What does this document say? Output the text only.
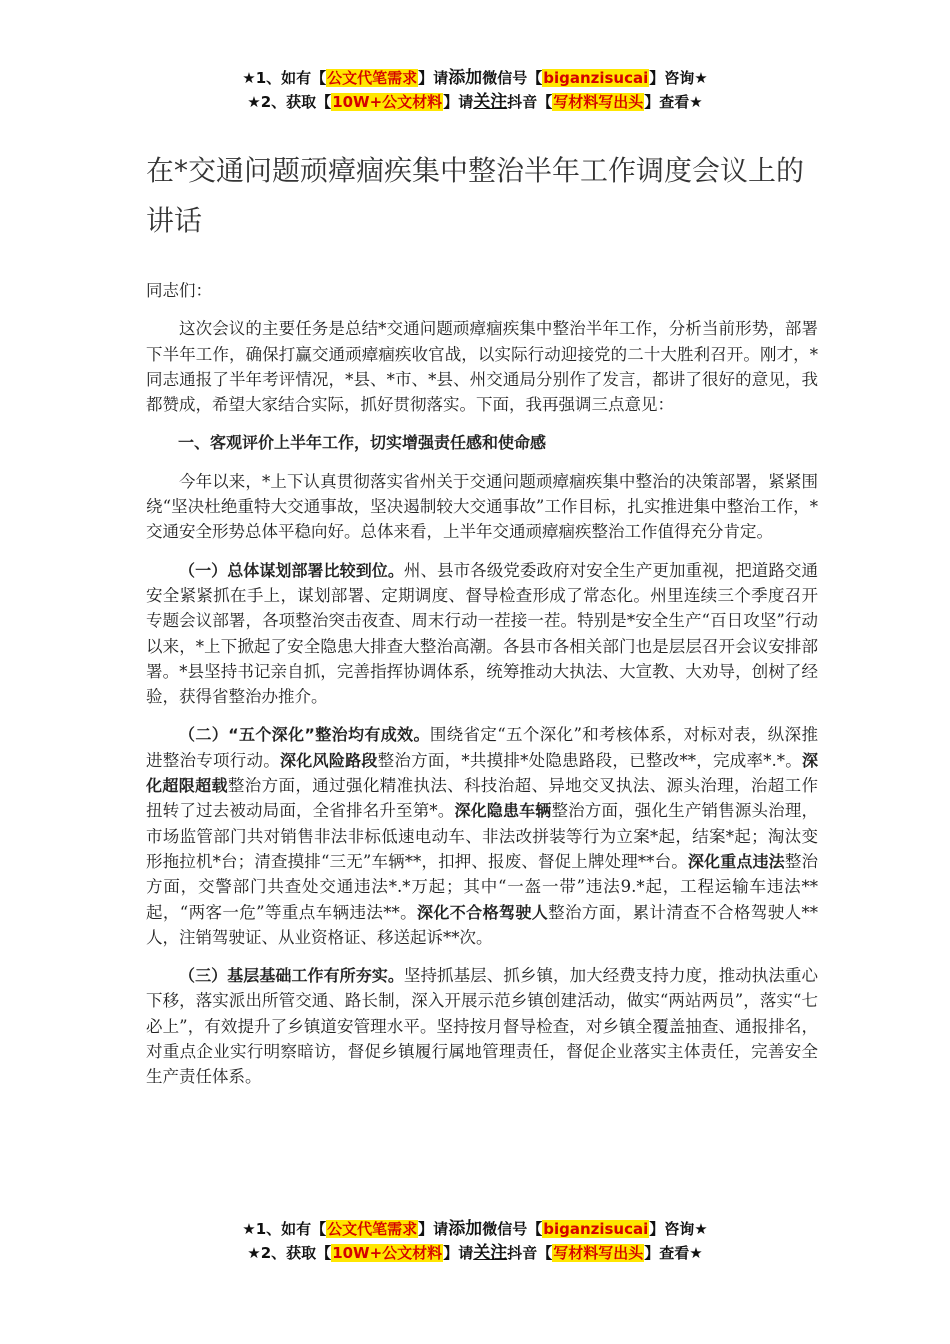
★1、如有【公文代笔需求】请添加微信号【biganzisucai】咨询★
★2、获取【10W+公文材料】请关注抖音【写材料写出头】查看★
在*交通问题顽瘴痼疾集中整治半年工作调度会议上的讲话

同志们：

这次会议的主要任务是总结*交通问题顽瘴痼疾集中整治半年工作，分析当前形势，部署下半年工作，确保打赢交通顽瘴痼疾收官战，以实际行动迎接党的二十大胜利召开。刚才，*同志通报了半年考评情况，*县、*市、*县、州交通局分别作了发言，都讲了很好的意见，我都赞成，希望大家结合实际，抓好贯彻落实。下面，我再强调三点意见：

一、客观评价上半年工作，切实增强责任感和使命感

今年以来，*上下认真贯彻落实省州关于交通问题顽瘴痼疾集中整治的决策部署，紧紧围绕“坚决杜绝重特大交通事故，坚决遏制较大交通事故”工作目标，扎实推进集中整治工作，*交通安全形势总体平稳向好。总体来看，上半年交通顽瘴痼疾整治工作值得充分肯定。

（一）总体谋划部署比较到位。州、县市各级党委政府对安全生产更加重视，把道路交通安全紧紧抓在手上，谋划部署、定期调度、督导检查形成了常态化。州里连续三个季度召开专题会议部署，各项整治突击夜查、周末行动一茬接一茬。特别是*安全生产“百日攻坚”行动以来，*上下掀起了安全隐患大排查大整治高潮。各县市各相关部门也是层层召开会议安排部署。*县坚持书记亲自抓，完善指挥协调体系，统筹推动大执法、大宣教、大劝导，创树了经验，获得省整治办推介。

（二）“五个深化”整治均有成效。围绕省定“五个深化”和考核体系，对标对表，纵深推进整治专项行动。深化风险路段整治方面，*共摸排*处隐患路段，已整改**，完成率*.*。深化超限超载整治方面，通过强化精准执法、科技治超、异地交叉执法、源头治理，治超工作扭转了过去被动局面，全省排名升至第*。深化隐患车辆整治方面，强化生产销售源头治理，市场监管部门共对销售非法非标低速电动车、非法改拼装等行为立案*起，结案*起；淘汰变形拖拉机*台；清查摸排“三无”车辆**，扣押、报废、督促上牌处理**台。深化重点违法整治方面，交警部门共查处交通违法*.*万起；其中“一盔一带”违法9.*起，工程运输车违法**起，“两客一危”等重点车辆违法**。深化不合格驾驶人整治方面，累计清查不合格驾驶人**人，注销驾驶证、从业资格证、移送起诉**次。

（三）基层基础工作有所夯实。坚持抓基层、抓乡镇，加大经费支持力度，推动执法重心下移，落实派出所管交通、路长制，深入开展示范乡镇创建活动，做实“两站两员”，落实“七必上”，有效提升了乡镇道安管理水平。坚持按月督导检查，对乡镇全覆盖抽查、通报排名，对重点企业实行明察暗访，督促乡镇履行属地管理责任，督促企业落实主体责任，完善安全生产责任体系。

★1、如有【公文代笔需求】请添加微信号【biganzisucai】咨询★
★2、获取【10W+公文材料】请关注抖音【写材料写出头】查看★
